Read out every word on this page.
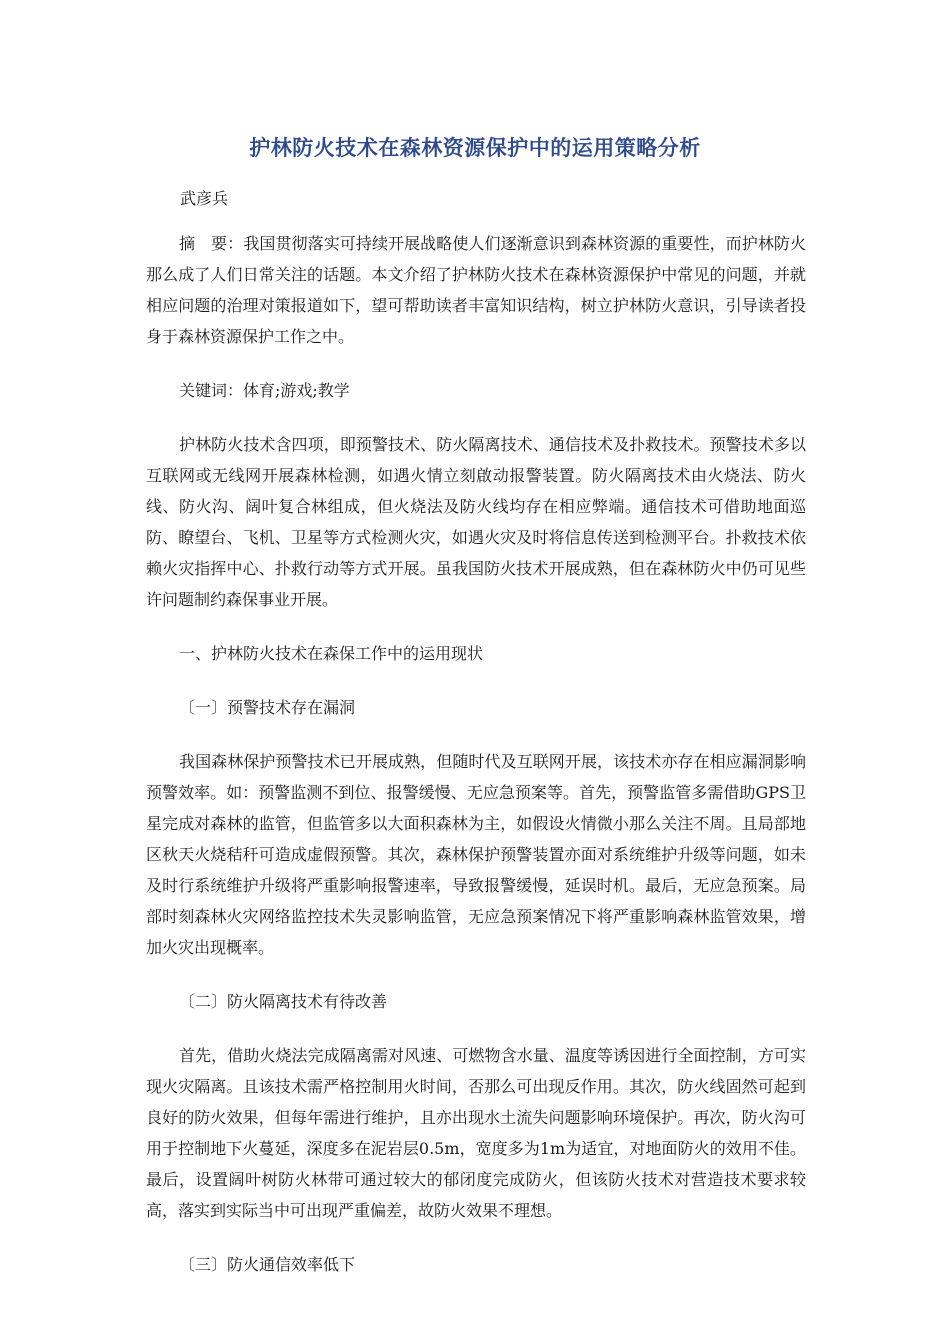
护林防火技术在森林资源保护中的运用策略分析
武彦兵

摘　要：我国贯彻落实可持续开展战略使人们逐渐意识到森林资源的重要性，而护林防火那么成了人们日常关注的话题。本文介绍了护林防火技术在森林资源保护中常见的问题，并就相应问题的治理对策报道如下，望可帮助读者丰富知识结构，树立护林防火意识，引导读者投身于森林资源保护工作之中。

关键词：体育;游戏;教学

护林防火技术含四项，即预警技术、防火隔离技术、通信技术及扑救技术。预警技术多以互联网或无线网开展森林检测，如遇火情立刻啟动报警装置。防火隔离技术由火烧法、防火线、防火沟、阔叶复合林组成，但火烧法及防火线均存在相应弊端。通信技术可借助地面巡防、瞭望台、飞机、卫星等方式检测火灾，如遇火灾及时将信息传送到检测平台。扑救技术依赖火灾指挥中心、扑救行动等方式开展。虽我国防火技术开展成熟，但在森林防火中仍可见些许问题制约森保事业开展。

一、护林防火技术在森保工作中的运用现状

〔一〕预警技术存在漏洞

我国森林保护预警技术已开展成熟，但随时代及互联网开展，该技术亦存在相应漏洞影响预警效率。如：预警监测不到位、报警缓慢、无应急预案等。首先，预警监管多需借助GPS卫星完成对森林的监管，但监管多以大面积森林为主，如假设火情微小那么关注不周。且局部地区秋天火烧秸秆可造成虚假预警。其次，森林保护预警装置亦面对系统维护升级等问题，如未及时行系统维护升级将严重影响报警速率，导致报警缓慢，延误时机。最后，无应急预案。局部时刻森林火灾网络监控技术失灵影响监管，无应急预案情况下将严重影响森林监管效果，增加火灾出现概率。

〔二〕防火隔离技术有待改善

首先，借助火烧法完成隔离需对风速、可燃物含水量、温度等诱因进行全面控制，方可实现火灾隔离。且该技术需严格控制用火时间，否那么可出现反作用。其次，防火线固然可起到良好的防火效果，但每年需进行维护，且亦出现水土流失问题影响环境保护。再次，防火沟可用于控制地下火蔓延，深度多在泥岩层0.5m，宽度多为1m为适宜，对地面防火的效用不佳。最后，设置阔叶树防火林带可通过较大的郁闭度完成防火，但该防火技术对营造技术要求较高，落实到实际当中可出现严重偏差，故防火效果不理想。

〔三〕防火通信效率低下
